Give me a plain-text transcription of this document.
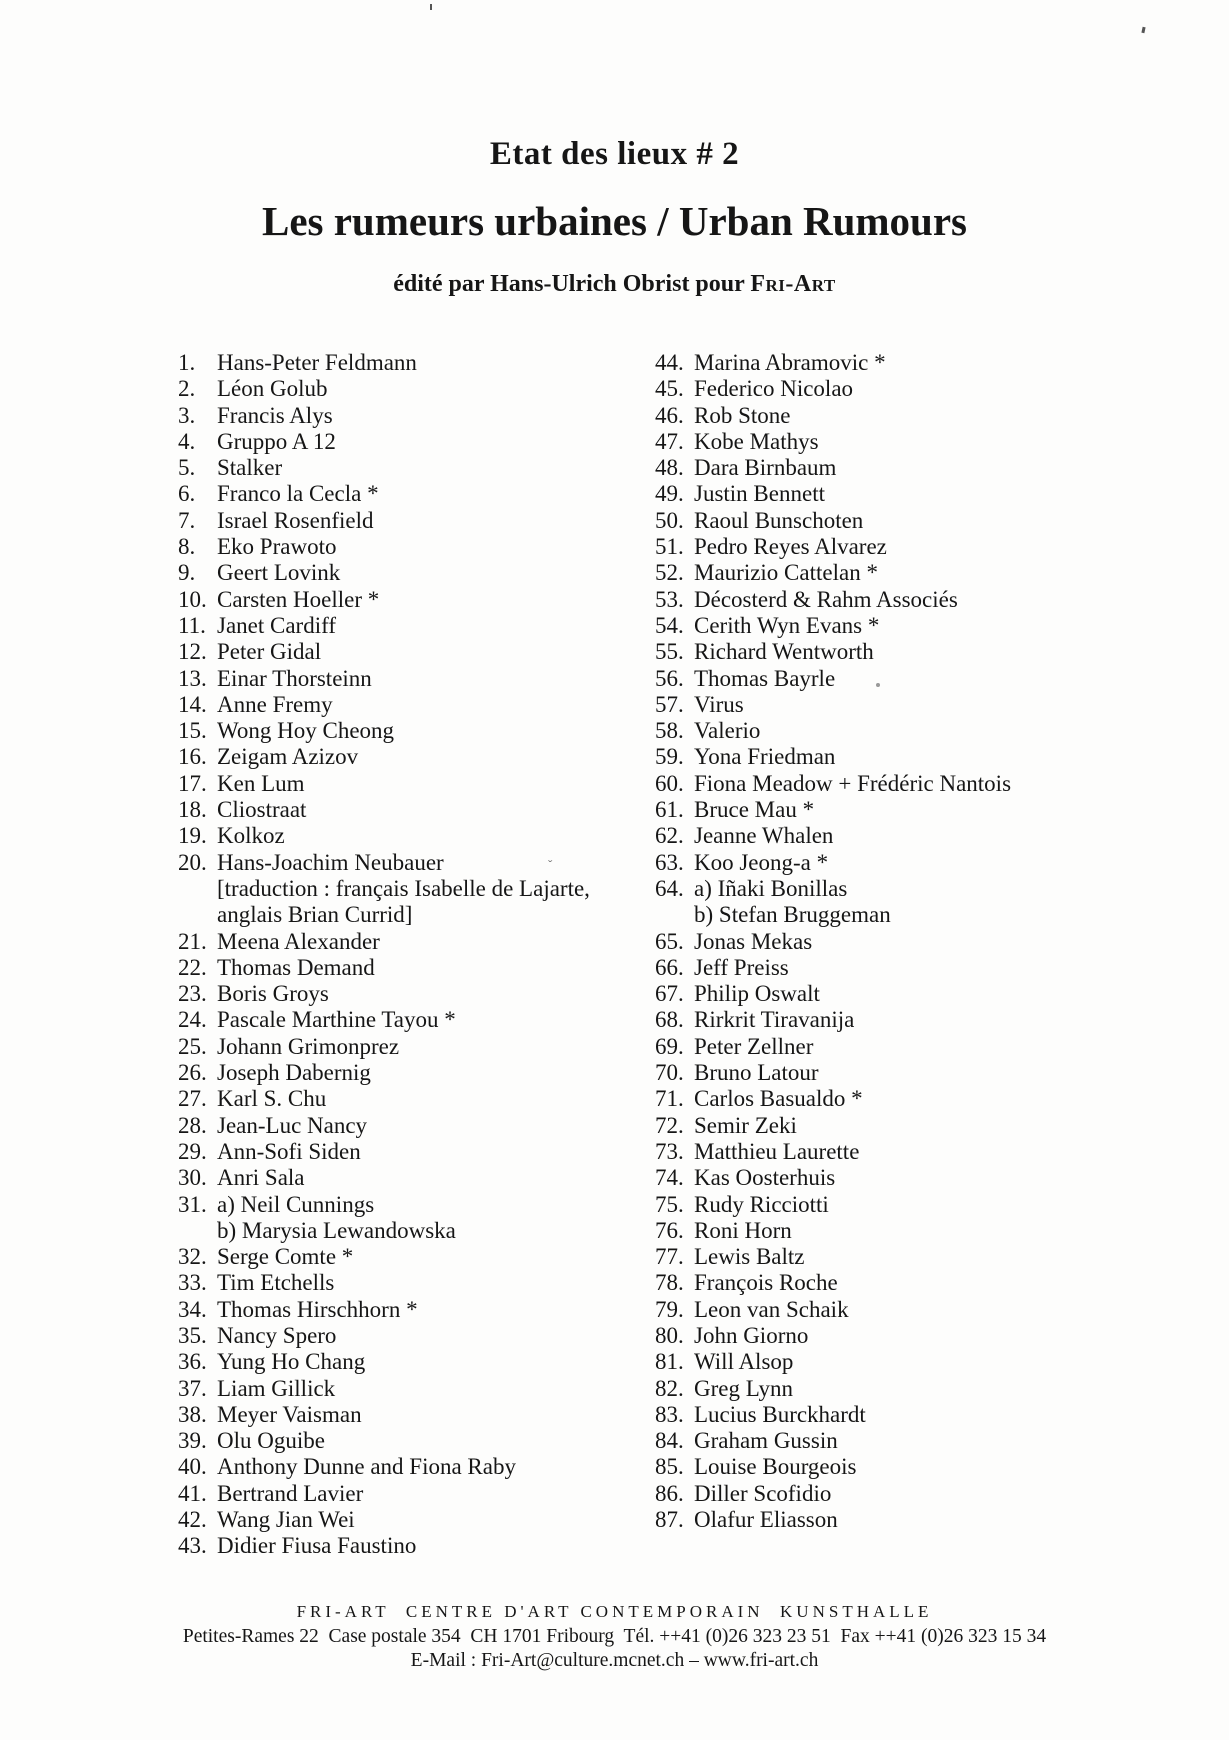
Etat des lieux # 2
Les rumeurs urbaines / Urban Rumours
édité par Hans-Ulrich Obrist pour Fri-Art
1. Hans-Peter Feldmann
2. Léon Golub
3. Francis Alys
4. Gruppo A 12
5. Stalker
6. Franco la Cecla *
7. Israel Rosenfield
8. Eko Prawoto
9. Geert Lovink
10. Carsten Hoeller *
11. Janet Cardiff
12. Peter Gidal
13. Einar Thorsteinn
14. Anne Fremy
15. Wong Hoy Cheong
16. Zeigam Azizov
17. Ken Lum
18. Cliostraat
19. Kolkoz
20. Hans-Joachim Neubauer
[traduction : français Isabelle de Lajarte,
anglais Brian Currid]
21. Meena Alexander
22. Thomas Demand
23. Boris Groys
24. Pascale Marthine Tayou *
25. Johann Grimonprez
26. Joseph Dabernig
27. Karl S. Chu
28. Jean-Luc Nancy
29. Ann-Sofi Siden
30. Anri Sala
31. a) Neil Cunnings
b) Marysia Lewandowska
32. Serge Comte *
33. Tim Etchells
34. Thomas Hirschhorn *
35. Nancy Spero
36. Yung Ho Chang
37. Liam Gillick
38. Meyer Vaisman
39. Olu Oguibe
40. Anthony Dunne and Fiona Raby
41. Bertrand Lavier
42. Wang Jian Wei
43. Didier Fiusa Faustino
44. Marina Abramovic *
45. Federico Nicolao
46. Rob Stone
47. Kobe Mathys
48. Dara Birnbaum
49. Justin Bennett
50. Raoul Bunschoten
51. Pedro Reyes Alvarez
52. Maurizio Cattelan *
53. Décosterd & Rahm Associés
54. Cerith Wyn Evans *
55. Richard Wentworth
56. Thomas Bayrle
57. Virus
58. Valerio
59. Yona Friedman
60. Fiona Meadow + Frédéric Nantois
61. Bruce Mau *
62. Jeanne Whalen
63. Koo Jeong-a *
64. a) Iñaki Bonillas
b) Stefan Bruggeman
65. Jonas Mekas
66. Jeff Preiss
67. Philip Oswalt
68. Rirkrit Tiravanija
69. Peter Zellner
70. Bruno Latour
71. Carlos Basualdo *
72. Semir Zeki
73. Matthieu Laurette
74. Kas Oosterhuis
75. Rudy Ricciotti
76. Roni Horn
77. Lewis Baltz
78. François Roche
79. Leon van Schaik
80. John Giorno
81. Will Alsop
82. Greg Lynn
83. Lucius Burckhardt
84. Graham Gussin
85. Louise Bourgeois
86. Diller Scofidio
87. Olafur Eliasson
FRI-ART  CENTRE D'ART CONTEMPORAIN  KUNSTHALLE
Petites-Rames 22  Case postale 354  CH 1701 Fribourg  Tél. ++41 (0)26 323 23 51  Fax ++41 (0)26 323 15 34
E-Mail : Fri-Art@culture.mcnet.ch – www.fri-art.ch
ˇ
